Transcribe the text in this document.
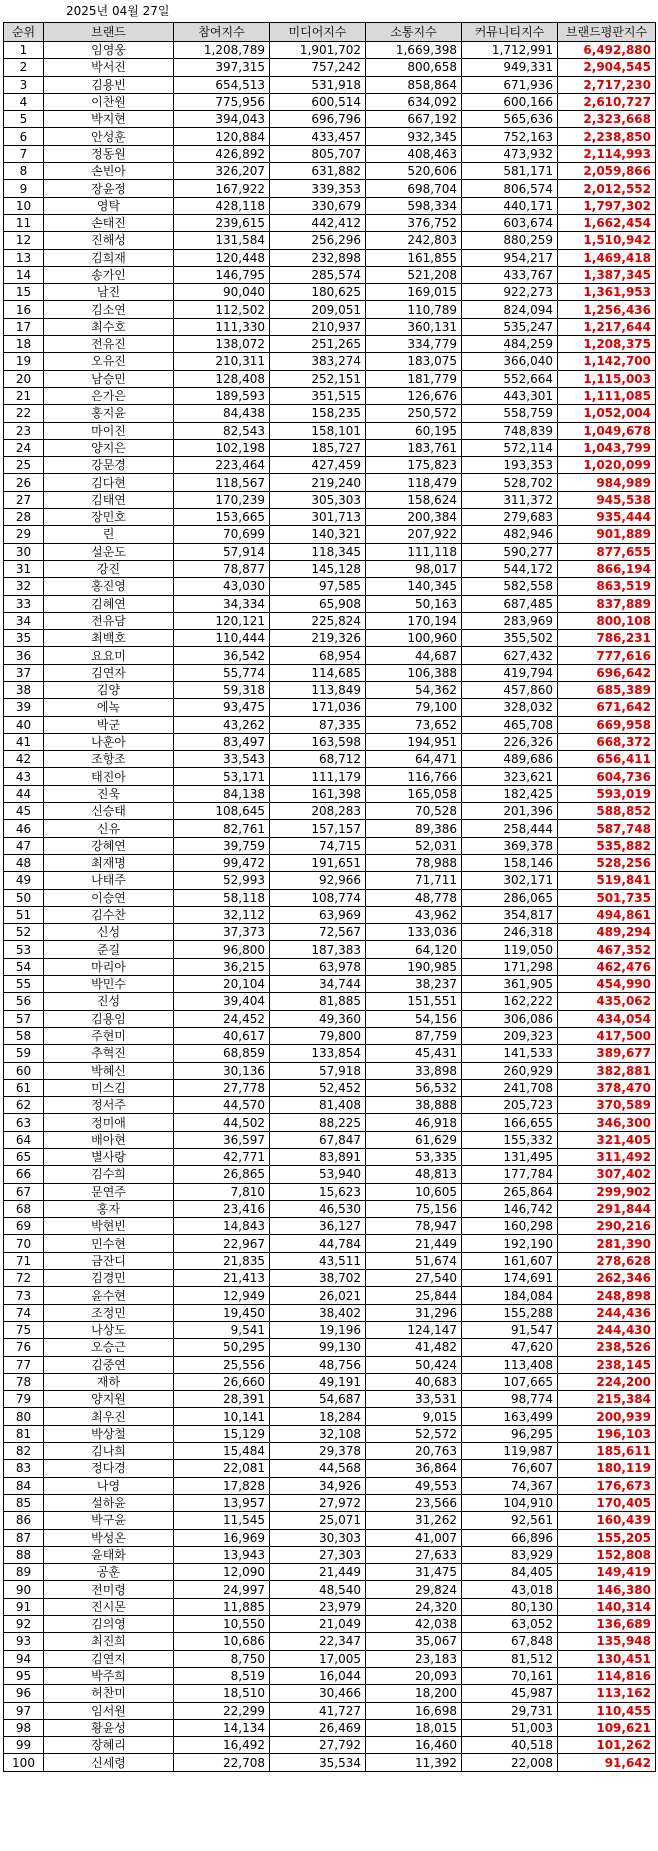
2025년 04월 27일
순위	브랜드	참여지수	미디어지수	소통지수	커뮤니티지수	브랜드평판지수
1	임영웅	1,208,789	1,901,702	1,669,398	1,712,991	6,492,880
2	박서진	397,315	757,242	800,658	949,331	2,904,545
3	김용빈	654,513	531,918	858,864	671,936	2,717,230
4	이찬원	775,956	600,514	634,092	600,166	2,610,727
5	박지현	394,043	696,796	667,192	565,636	2,323,668
6	안성훈	120,884	433,457	932,345	752,163	2,238,850
7	정동원	426,892	805,707	408,463	473,932	2,114,993
8	손빈아	326,207	631,882	520,606	581,171	2,059,866
9	장윤정	167,922	339,353	698,704	806,574	2,012,552
10	영탁	428,118	330,679	598,334	440,171	1,797,302
11	손태진	239,615	442,412	376,752	603,674	1,662,454
12	진해성	131,584	256,296	242,803	880,259	1,510,942
13	김희재	120,448	232,898	161,855	954,217	1,469,418
14	송가인	146,795	285,574	521,208	433,767	1,387,345
15	남진	90,040	180,625	169,015	922,273	1,361,953
16	김소연	112,502	209,051	110,789	824,094	1,256,436
17	최수호	111,330	210,937	360,131	535,247	1,217,644
18	전유진	138,072	251,265	334,779	484,259	1,208,375
19	오유진	210,311	383,274	183,075	366,040	1,142,700
20	남승민	128,408	252,151	181,779	552,664	1,115,003
21	은가은	189,593	351,515	126,676	443,301	1,111,085
22	홍지윤	84,438	158,235	250,572	558,759	1,052,004
23	마이진	82,543	158,101	60,195	748,839	1,049,678
24	양지은	102,198	185,727	183,761	572,114	1,043,799
25	강문경	223,464	427,459	175,823	193,353	1,020,099
26	김다현	118,567	219,240	118,479	528,702	984,989
27	김태연	170,239	305,303	158,624	311,372	945,538
28	장민호	153,665	301,713	200,384	279,683	935,444
29	린	70,699	140,321	207,922	482,946	901,889
30	설운도	57,914	118,345	111,118	590,277	877,655
31	강진	78,877	145,128	98,017	544,172	866,194
32	홍진영	43,030	97,585	140,345	582,558	863,519
33	김혜연	34,334	65,908	50,163	687,485	837,889
34	전유담	120,121	225,824	170,194	283,969	800,108
35	최백호	110,444	219,326	100,960	355,502	786,231
36	요요미	36,542	68,954	44,687	627,432	777,616
37	김연자	55,774	114,685	106,388	419,794	696,642
38	김양	59,318	113,849	54,362	457,860	685,389
39	에녹	93,475	171,036	79,100	328,032	671,642
40	박군	43,262	87,335	73,652	465,708	669,958
41	나훈아	83,497	163,598	194,951	226,326	668,372
42	조항조	33,543	68,712	64,471	489,686	656,411
43	태진아	53,171	111,179	116,766	323,621	604,736
44	진욱	84,138	161,398	165,058	182,425	593,019
45	신승태	108,645	208,283	70,528	201,396	588,852
46	신유	82,761	157,157	89,386	258,444	587,748
47	강혜연	39,759	74,715	52,031	369,378	535,882
48	최재명	99,472	191,651	78,988	158,146	528,256
49	나태주	52,993	92,966	71,711	302,171	519,841
50	이승연	58,118	108,774	48,778	286,065	501,735
51	김수찬	32,112	63,969	43,962	354,817	494,861
52	신성	37,373	72,567	133,036	246,318	489,294
53	준길	96,800	187,383	64,120	119,050	467,352
54	마리아	36,215	63,978	190,985	171,298	462,476
55	박민수	20,104	34,744	38,237	361,905	454,990
56	진성	39,404	81,885	151,551	162,222	435,062
57	김용임	24,452	49,360	54,156	306,086	434,054
58	주현미	40,617	79,800	87,759	209,323	417,500
59	추혁진	68,859	133,854	45,431	141,533	389,677
60	박혜신	30,136	57,918	33,898	260,929	382,881
61	미스김	27,778	52,452	56,532	241,708	378,470
62	정서주	44,570	81,408	38,888	205,723	370,589
63	정미애	44,502	88,225	46,918	166,655	346,300
64	배아현	36,597	67,847	61,629	155,332	321,405
65	별사랑	42,771	83,891	53,335	131,495	311,492
66	김수희	26,865	53,940	48,813	177,784	307,402
67	문연주	7,810	15,623	10,605	265,864	299,902
68	홍자	23,416	46,530	75,156	146,742	291,844
69	박현빈	14,843	36,127	78,947	160,298	290,216
70	민수현	22,967	44,784	21,449	192,190	281,390
71	금잔디	21,835	43,511	51,674	161,607	278,628
72	김경민	21,413	38,702	27,540	174,691	262,346
73	윤수현	12,949	26,021	25,844	184,084	248,898
74	조정민	19,450	38,402	31,296	155,288	244,436
75	나상도	9,541	19,196	124,147	91,547	244,430
76	오승근	50,295	99,130	41,482	47,620	238,526
77	김중연	25,556	48,756	50,424	113,408	238,145
78	재하	26,660	49,191	40,683	107,665	224,200
79	양지원	28,391	54,687	33,531	98,774	215,384
80	최우진	10,141	18,284	9,015	163,499	200,939
81	박상철	15,129	32,108	52,572	96,295	196,103
82	김나희	15,484	29,378	20,763	119,987	185,611
83	정다경	22,081	44,568	36,864	76,607	180,119
84	나영	17,828	34,926	49,553	74,367	176,673
85	설하윤	13,957	27,972	23,566	104,910	170,405
86	박구윤	11,545	25,071	31,262	92,561	160,439
87	박성온	16,969	30,303	41,007	66,896	155,205
88	윤태화	13,943	27,303	27,633	83,929	152,808
89	공훈	12,090	21,449	31,475	84,405	149,419
90	전미령	24,997	48,540	29,824	43,018	146,380
91	진시몬	11,885	23,979	24,320	80,130	140,314
92	김의영	10,550	21,049	42,038	63,052	136,689
93	최진희	10,686	22,347	35,067	67,848	135,948
94	김연지	8,750	17,005	23,183	81,512	130,451
95	박주희	8,519	16,044	20,093	70,161	114,816
96	허찬미	18,510	30,466	18,200	45,987	113,162
97	임서원	22,299	41,727	16,698	29,731	110,455
98	황윤성	14,134	26,469	18,015	51,003	109,621
99	장혜리	16,492	27,792	16,460	40,518	101,262
100	신세령	22,708	35,534	11,392	22,008	91,642
